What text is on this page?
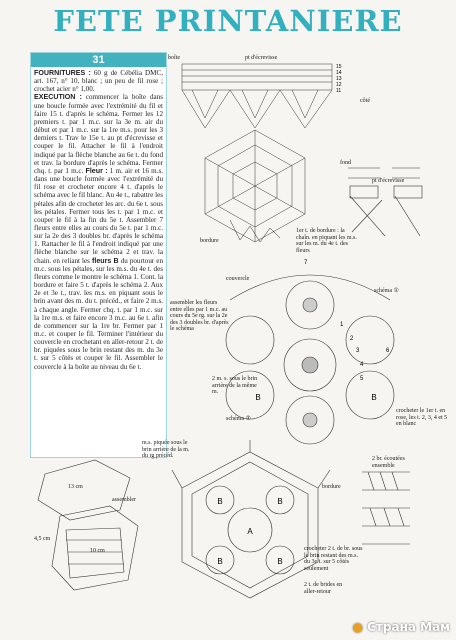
FETE PRINTANIERE
31
FOURNITURES : 60 g de Cébélia DMC, art. 167, n° 10, blanc ; un peu de fil rose ; crochet acier n° 1,00.
EXECUTION : commencer la boîte dans une boucle formée avec l'extrémité du fil et faire 15 t. d'après le schéma. Fermer les 12 premiers t. par 1 m.c. sur la 3e m. air du début et par 1 m.c. sur la 1re m.s. pour les 3 derniers t. Trav le 15e t. au pt d'écrevisse et couper le fil. Attacher le fil à l'endroit indiqué par la flèche blanche au 6e t. du fond et trav. la bordure d'après le schéma. Fermer chq. t. par 1 m.c. Fleur : 1 m. air et 16 m.s. dans une boucle formée avec l'extrémité du fil rose et crocheter encore 4 t. d'après le schéma avec le fil blanc. Au 4e t., rabattre les pétales afin de crocheter les arc. du 6e t. sous les pétales. Fermer tous les t. par 1 m.c. et couper le fil à la fin du 5e t. Assembler 7 fleurs entre elles au cours du 5e t. par 1 m.c. sur la 2e des 3 doubles br. d'après le schéma 1. Rattacher le fil à l'endroit indiqué par une flèche blanche sur le schéma 2 et trav. la chain. en reliant les fleurs B du pourtour en m.c. sous les pétales, sur les m.s. du 4e t. des fleurs comme le montre le schéma 1. Cont. la bordure et faire 5 t. d'après le schéma 2. Aux 2e et 3e t., trav. les m.s. en piquant sous le brin avant des m. du t. précéd., et faire 2 m.s. à chaque angle. Fermer chq. t. par 1 m.c. sur la 1re m.s. et faire encore 3 m.c. au 6e t. afin de commencer sur la 1re br. Fermer par 1 m.c. et couper le fil. Terminer l'intérieur du couvercle en crochetant en aller-retour 2 t. de br. piquées sous le brin restant des m. du 3e t. sur 5 côtés et couper le fil. Assembler le couvercle à la boîte au niveau du 6e t.
15
14
13
12
11
A
B	B
B	B
B	B
1
2
3
4
5
6
7
boîte	pt d'écrevisse
côté
fond
pt d'écrevisse
bordure
couvercle
1er t. de bordure : la chaîn. en piquant les m.s. sur les m. du 4e t. des fleurs
schéma ①
assembler les fleurs entre elles par 1 m.c. au cours du 5e rg. sur la 2e des 3 doubles br. d'après le schéma
2 m. s. sous le brin arrière de la même m.
schéma ②
crocheter le 1er t. en rose, les t. 2, 3, 4 et 5 en blanc
m.s. piquée sous le brin arrière de la m. du rg précéd.
assembler
bordure
2 br. écoutées ensemble
crocheter 2 t. de br. sous le brin restant des m.s. du 3e t. sur 5 côtés seulement
2 t. de brides en aller-retour
13 cm
10 cm
4,5 cm
● Страна Мам
